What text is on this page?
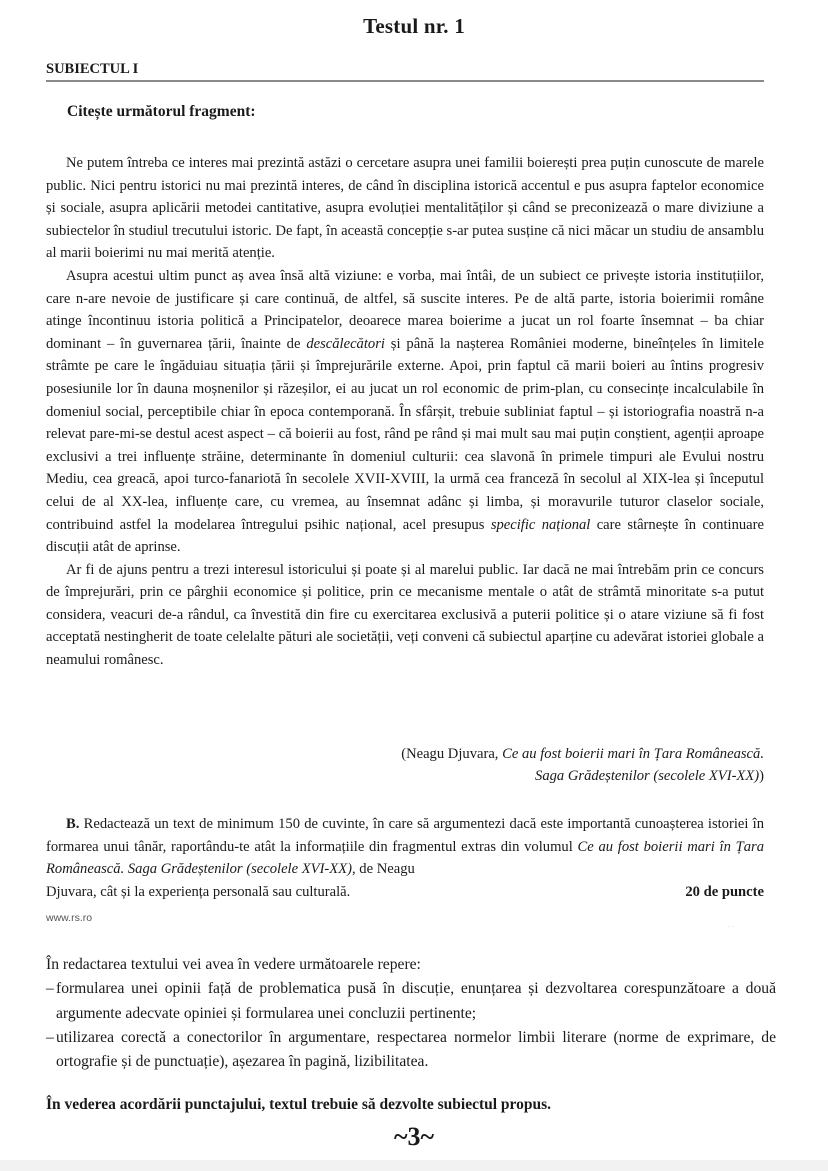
Testul nr. 1
SUBIECTUL I
Citește următorul fragment:

Ne putem întreba ce interes mai prezintă astăzi o cercetare asupra unei familii boierești prea puțin cunoscute de marele public. Nici pentru istorici nu mai prezintă interes, de când în disciplina istorică accentul e pus asupra faptelor economice și sociale, asupra aplicării metodei cantitative, asupra evoluției mentalităților și când se preconizează o mare diviziune a subiectelor în studiul trecutului istoric. De fapt, în această concepție s-ar putea susține că nici măcar un studiu de ansamblu al marii boierimi nu mai merită atenție.

Asupra acestui ultim punct aș avea însă altă viziune: e vorba, mai întâi, de un subiect ce privește istoria instituțiilor, care n-are nevoie de justificare și care continuă, de altfel, să suscite interes. Pe de altă parte, istoria boierimii române atinge încontinuu istoria politică a Principatelor, deoarece marea boierime a jucat un rol foarte însemnat – ba chiar dominant – în guvernarea țării, înainte de descălecători și până la nașterea României moderne, bineînțeles în limitele strâmte pe care le îngăduiau situația țării și împrejurările externe. Apoi, prin faptul că marii boieri au întins progresiv posesiunile lor în dauna moșnenilor și răzeșilor, ei au jucat un rol economic de prim-plan, cu consecințe incalculabile în domeniul social, perceptibile chiar în epoca contemporană. În sfârșit, trebuie subliniat faptul – și istoriografia noastră n-a relevat pare-mi-se destul acest aspect – că boierii au fost, rând pe rând și mai mult sau mai puțin conștient, agenții aproape exclusivi a trei influențe străine, determinante în domeniul culturii: cea slavonă în primele timpuri ale Evului nostru Mediu, cea greacă, apoi turco-fanariotă în secolele XVII-XVIII, la urmă cea franceză în secolul al XIX-lea și începutul celui de al XX-lea, influențe care, cu vremea, au însemnat adânc și limba, și moravurile tuturor claselor sociale, contribuind astfel la modelarea întregului psihic național, acel presupus specific național care stârnește în continuare discuții atât de aprinse.

Ar fi de ajuns pentru a trezi interesul istoricului și poate și al marelui public. Iar dacă ne mai întrebăm prin ce concurs de împrejurări, prin ce pârghii economice și politice, prin ce mecanisme mentale o atât de strâmtă minoritate s-a putut considera, veacuri de-a rândul, ca învestită din fire cu exercitarea exclusivă a puterii politice și o atare viziune să fi fost acceptată nestingherit de toate celelalte pături ale societății, veți conveni că subiectul aparține cu adevărat istoriei globale a neamului românesc.

(Neagu Djuvara, Ce au fost boierii mari în Țara Românească.
Saga Grădeștenilor (secolele XVI-XX))
B. Redactează un text de minimum 150 de cuvinte, în care să argumentezi dacă este importantă cunoașterea istoriei în formarea unui tânăr, raportându-te atât la informațiile din fragmentul extras din volumul Ce au fost boierii mari în Țara Românească. Saga Grădeștenilor (secolele XVI-XX), de Neagu
Djuvara, cât și la experiența personală sau culturală.	20 de puncte
www.rs.ro
· ·
În redactarea textului vei avea în vedere următoarele repere:
– formularea unei opinii față de problematica pusă în discuție, enunțarea și dezvoltarea corespunzătoare a două argumente adecvate opiniei și formularea unei concluzii pertinente;
– utilizarea corectă a conectorilor în argumentare, respectarea normelor limbii literare (norme de exprimare, de ortografie și de punctuație), așezarea în pagină, lizibilitatea.
În vederea acordării punctajului, textul trebuie să dezvolte subiectul propus.
~3~
